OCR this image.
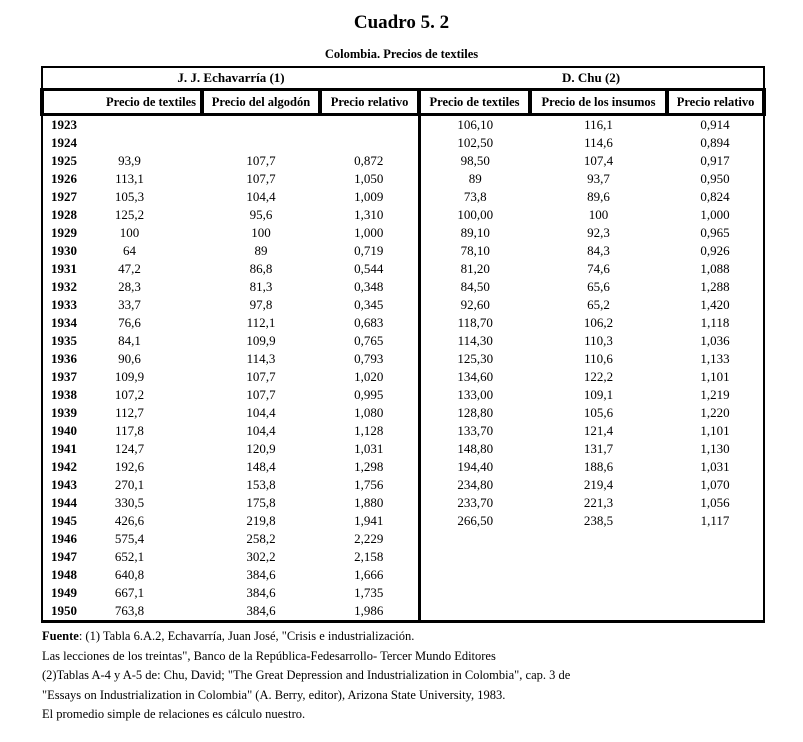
Cuadro 5. 2
Colombia. Precios de textiles
J. J. Echavarría (1)				D. Chu (2)		
Precio de textiles		Precio del algodón	Precio relativo	Precio de textiles	Precio de los insumos	Precio relativo
1923				106,10	116,1	0,914
1924				102,50	114,6	0,894
1925	93,9	107,7	0,872	98,50	107,4	0,917
1926	113,1	107,7	1,050	89	93,7	0,950
1927	105,3	104,4	1,009	73,8	89,6	0,824
1928	125,2	95,6	1,310	100,00	100	1,000
1929	100	100	1,000	89,10	92,3	0,965
1930	64	89	0,719	78,10	84,3	0,926
1931	47,2	86,8	0,544	81,20	74,6	1,088
1932	28,3	81,3	0,348	84,50	65,6	1,288
1933	33,7	97,8	0,345	92,60	65,2	1,420
1934	76,6	112,1	0,683	118,70	106,2	1,118
1935	84,1	109,9	0,765	114,30	110,3	1,036
1936	90,6	114,3	0,793	125,30	110,6	1,133
1937	109,9	107,7	1,020	134,60	122,2	1,101
1938	107,2	107,7	0,995	133,00	109,1	1,219
1939	112,7	104,4	1,080	128,80	105,6	1,220
1940	117,8	104,4	1,128	133,70	121,4	1,101
1941	124,7	120,9	1,031	148,80	131,7	1,130
1942	192,6	148,4	1,298	194,40	188,6	1,031
1943	270,1	153,8	1,756	234,80	219,4	1,070
1944	330,5	175,8	1,880	233,70	221,3	1,056
1945	426,6	219,8	1,941	266,50	238,5	1,117
1946	575,4	258,2	2,229			
1947	652,1	302,2	2,158			
1948	640,8	384,6	1,666			
1949	667,1	384,6	1,735			
1950	763,8	384,6	1,986			
Fuente: (1) Tabla 6.A.2, Echavarría, Juan José, "Crisis e industrialización.
Las lecciones de los treintas", Banco de la República-Fedesarrollo- Tercer Mundo Editores
(2)Tablas A-4 y A-5 de: Chu, David; "The Great Depression and Industrialization in Colombia", cap. 3 de
"Essays on Industrialization in Colombia" (A. Berry, editor), Arizona State University, 1983.
El promedio simple de relaciones es cálculo nuestro.
